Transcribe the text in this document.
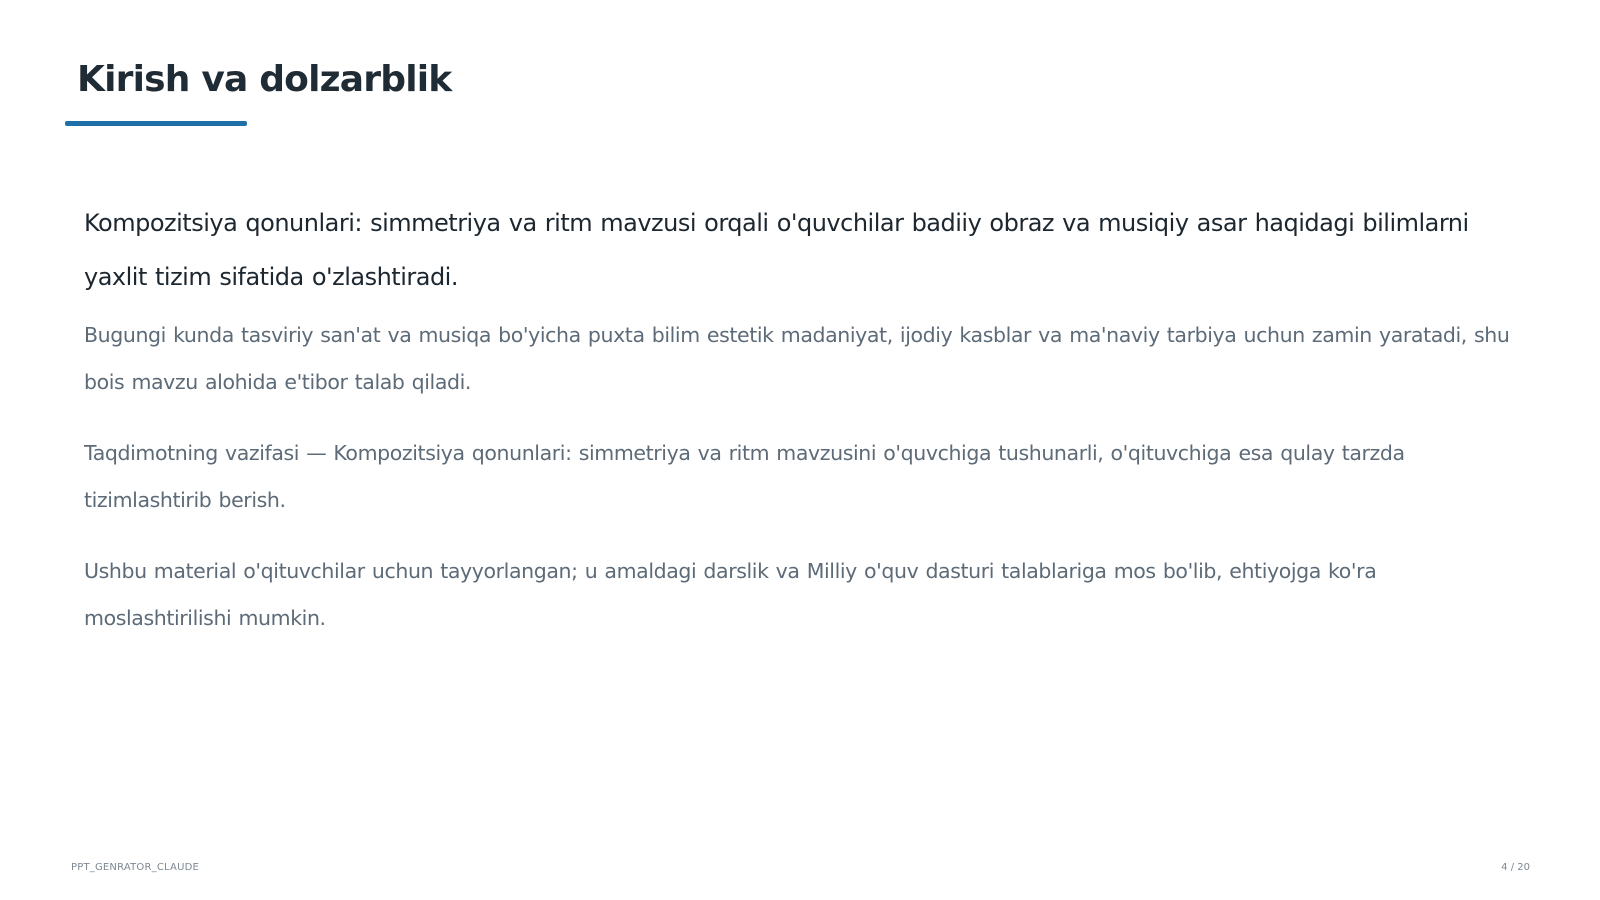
Kirish va dolzarblik

Kompozitsiya qonunlari: simmetriya va ritm mavzusi orqali o'quvchilar badiiy obraz va musiqiy asar haqidagi bilimlarni yaxlit tizim sifatida o'zlashtiradi.

Bugungi kunda tasviriy san'at va musiqa bo'yicha puxta bilim estetik madaniyat, ijodiy kasblar va ma'naviy tarbiya uchun zamin yaratadi, shu bois mavzu alohida e'tibor talab qiladi.

Taqdimotning vazifasi — Kompozitsiya qonunlari: simmetriya va ritm mavzusini o'quvchiga tushunarli, o'qituvchiga esa qulay tarzda tizimlashtirib berish.

Ushbu material o'qituvchilar uchun tayyorlangan; u amaldagi darslik va Milliy o'quv dasturi talablariga mos bo'lib, ehtiyojga ko'ra moslashtirilishi mumkin.

PPT_GENRATOR_CLAUDE	4 / 20
